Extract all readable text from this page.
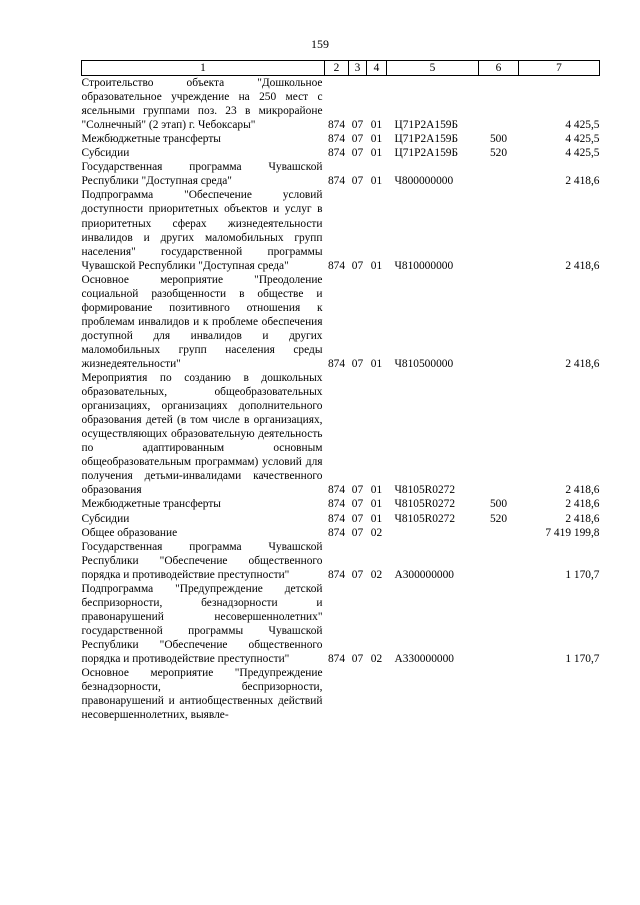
159
1	2	3	4	5	6	7
Строительство объекта "Дошкольное образовательное учреждение на 250 мест с ясельными группами поз. 23 в микрорайоне "Солнечный" (2 этап) г. Чебоксары"	874	07	01	Ц71Р2А159Б		4 425,5
Межбюджетные трансферты	874	07	01	Ц71Р2А159Б	500	4 425,5
Субсидии	874	07	01	Ц71Р2А159Б	520	4 425,5
Государственная программа Чувашской Республики "Доступная среда"	874	07	01	Ч800000000		2 418,6
Подпрограмма "Обеспечение условий доступности приоритетных объектов и услуг в приоритетных сферах жизнедеятельности инвалидов и других маломобильных групп населения" государственной программы Чувашской Республики "Доступная среда"	874	07	01	Ч810000000		2 418,6
Основное мероприятие "Преодоление социальной разобщенности в обществе и формирование позитивного отношения к проблемам инвалидов и к проблеме обеспечения доступной для инвалидов и других маломобильных групп населения среды жизнедеятельности"	874	07	01	Ч810500000		2 418,6
Мероприятия по созданию в дошкольных образовательных, общеобразовательных организациях, организациях дополнительного образования детей (в том числе в организациях, осуществляющих образовательную деятельность по адаптированным основным общеобразовательным программам) условий для получения детьми-инвалидами качественного образования	874	07	01	Ч8105R0272		2 418,6
Межбюджетные трансферты	874	07	01	Ч8105R0272	500	2 418,6
Субсидии	874	07	01	Ч8105R0272	520	2 418,6
Общее образование	874	07	02			7 419 199,8
Государственная программа Чувашской Республики "Обеспечение общественного порядка и противодействие преступности"	874	07	02	А300000000		1 170,7
Подпрограмма "Предупреждение детской беспризорности, безнадзорности и правонарушений несовершеннолетних" государственной программы Чувашской Республики "Обеспечение общественного порядка и противодействие преступности"	874	07	02	А330000000		1 170,7
Основное мероприятие "Предупреждение безнадзорности, беспризорности, правонарушений и антиобщественных действий несовершеннолетних, выявле-						
